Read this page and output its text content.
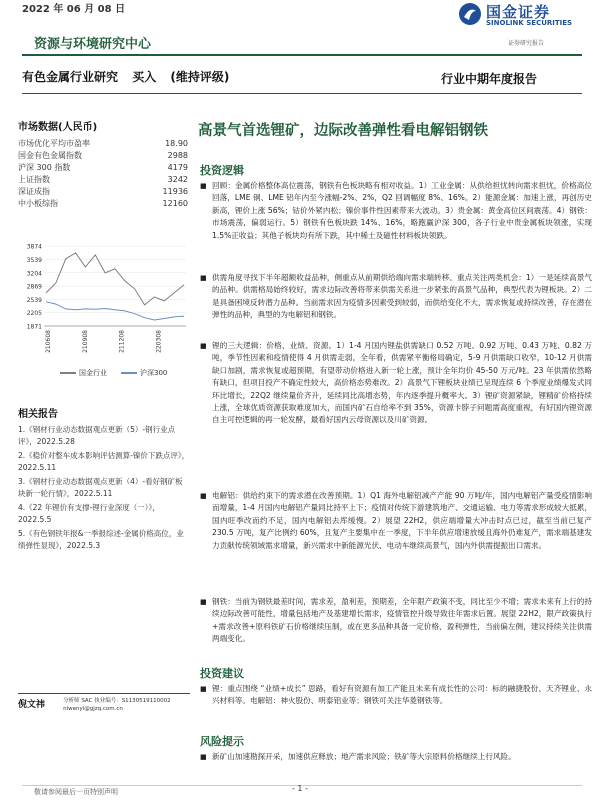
2022 年 06 月 08 日	国金证券
SINOLINK SECURITIES
证券研究报告
资源与环境研究中心
有色金属行业研究 买入 (维持评级)	行业中期年度报告
市场数据(人民币)
市场优化平均市盈率	18.90
国金有色金属指数	2988
沪深 300 指数	4179
上证指数	3242
深证成指	11936
中小板综指	12160
3874
3539
3204
2869
2539
2205
1871
210608	210908	211208	220308
国金行业	沪深300
相关报告
1.《钢材行业动态数据观点更新（5）-钢行业点评》，2022.5.28
2.《稳价对整车成本影响评估测算-镍价下跌点评》，2022.5.11
3.《钢材行业动态数据观点更新（4）-看好钢矿板块新一轮行情》，2022.5.11
4.《22 年锂价有支撑-锂行业深度（一）》，2022.5.5
5.《有色钢铁年报&一季报综述-金属价格高位，业绩弹性显现》，2022.5.3
倪文祎	分析师 SAC 执业编号：S1130519110002
niwenyi@gjzq.com.cn
高景气首选锂矿，边际改善弹性看电解铝钢铁
投资逻辑
■ 回顾：金属价格整体高位震荡，钢铁有色板块略有相对收益。1）工业金属：从供给担忧转向需求担忧，价格高位回落，LME 铜、LME 铝年内至今涨幅-2%、2%，Q2 回调幅度 8%、16%。2）能源金属：加速上涨，再创历史新高，锂价上涨 56%；钴价外紧内松；镍价事件性因素带来大波动。3）贵金属：黄金高位区间震荡。4）钢铁：市场震荡，偏弱运行。5）钢铁有色板块跌 14%、16%，略跑赢沪深 300，各子行业中贵金属板块领涨，实现 1.5%正收益；其他子板块均有所下跌，其中稀土及磁性材料板块领跌。
■ 供需角度寻找下半年超额收益品种，侧重点从前期供给端向需求端转移。重点关注两类机会：1）一是延续高景气的品种。供需格局始终较好，需求边际改善将带来供需关系进一步紧张的高景气品种，典型代表为锂板块。2）二是具备困境反转潜力品种。当前需求因为疫情多因素受到较弱，而供给变化不大，需求恢复或持续改善，存在潜在弹性的品种，典型的为电解铝和钢铁。
■ 锂的三大逻辑：价格、业绩、资源。1）1-4 月国内锂盐供需缺口 0.52 万吨、0.92 万吨、0.43 万吨、0.82 万吨，季节性因素和疫情使得 4 月供需走弱，全年看，供需紧平衡格局确定，5-9 月供需缺口收窄，10-12 月供需缺口加剧，需求恢复或超预期，有望带动价格进入新一轮上涨，预计全年均价 45-50 万元/吨。23 年供需依然略有缺口，但项目投产不确定性较大，高价格态势难改。2）高景气下锂板块业绩已呈现连续 6 个季度业绩爆发式同环比增长，22Q2 继续量价齐升，延续同比高增态势，年内逐季提升概率大。3）锂矿资源紧缺，锂精矿价格持续上涨，全球优质资源获取难度加大，而国内矿石自给率不到 35%，资源卡脖子问题需高度重视，有好国内锂资源自主可控逻辑的再一轮发酵，最看好国内云母资源以及川矿资源。
■ 电解铝：供给约束下的需求潜在改善预期。1）Q1 海外电解铝减产产能 90 万吨/年，国内电解铝产量受疫情影响而增量，1-4 月国内电解铝产量同比持平上下；疫情对传统下游建筑地产、交通运输、电力等需求形成较大抵累，国内旺季改而约不足，国内电解铝去库缓慢。2）展望 22H2，供应端增量大冲击时点已过，截至当前已复产 230.5 万吨，复产比例约 60%，且复产主要集中在一季度，下半年供应增速放缓且海外仍难复产，需求端基建发力贡献传统领域需求增量，新兴需求中新能源光伏、电动车继续高景气，国内外供需提振出口需求。
■ 钢铁：当前为钢铁最差时间，需求差，盈利差，预期差，全年限产政策不变，同比至少不增；需求未来有上行的持续边际改善可能性，增量包括地产及基建增长需求，疫情管控升级导致往年需求后置。展望 22H2，限产政策执行+需求改善+原料铁矿石价格继续压制，或在更多品种具备一定价格，盈利弹性，当前偏左侧，建议持续关注供需两端变化。
投资建议
■ 锂：重点围绕 “业绩+成长” 思路，看好有资源有加工产能且未来有成长性的公司：标的融捷股份、天齐锂业、永兴材料等。电解铝：神火股份、明泰铝业等；钢铁可关注华菱钢铁等。
风险提示
■ 新矿山加速勘探开采，加速供应释放；地产需求风险；铁矿等大宗原料价格继续上行风险。
敬请参阅最后一页特别声明	- 1 -
